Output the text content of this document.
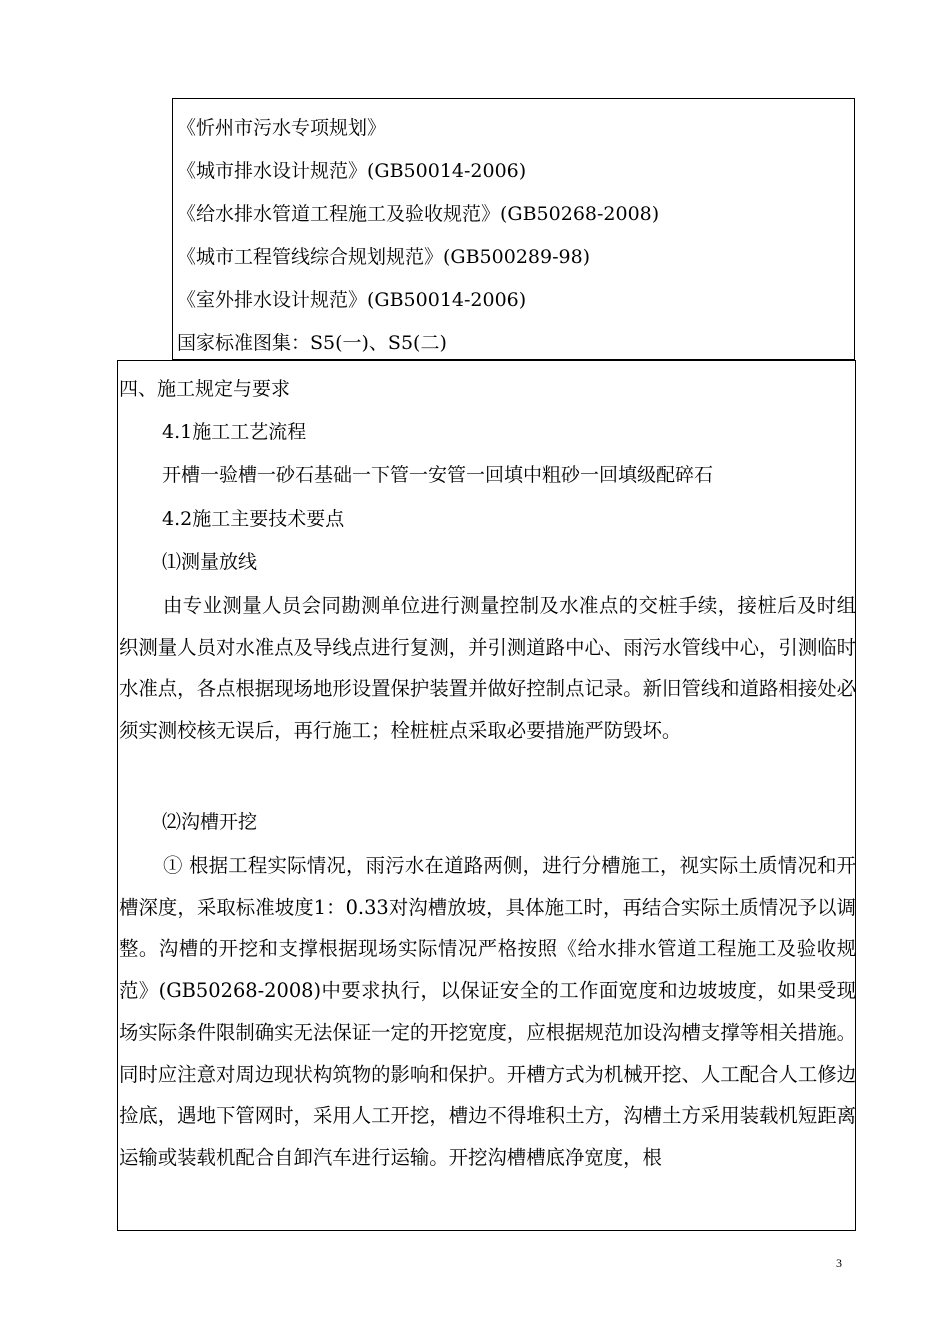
《忻州市污水专项规划》
《城市排水设计规范》(GB50014-2006)
《给水排水管道工程施工及验收规范》(GB50268-2008)
《城市工程管线综合规划规范》(GB500289-98)
《室外排水设计规范》(GB50014-2006)
国家标准图集：S5(一)、S5(二)
四、施工规定与要求
4.1施工工艺流程
开槽一验槽一砂石基础一下管一安管一回填中粗砂一回填级配碎石
4.2施工主要技术要点
⑴测量放线
由专业测量人员会同勘测单位进行测量控制及水准点的交桩手续，接桩后及时组织测量人员对水准点及导线点进行复测，并引测道路中心、雨污水管线中心，引测临时水准点，各点根据现场地形设置保护装置并做好控制点记录。新旧管线和道路相接处必须实测校核无误后，再行施工；栓桩桩点采取必要措施严防毁坏。
⑵沟槽开挖
① 根据工程实际情况，雨污水在道路两侧，进行分槽施工，视实际土质情况和开槽深度，采取标准坡度1：0.33对沟槽放坡，具体施工时，再结合实际土质情况予以调整。沟槽的开挖和支撑根据现场实际情况严格按照《给水排水管道工程施工及验收规范》(GB50268-2008)中要求执行，以保证安全的工作面宽度和边坡坡度，如果受现场实际条件限制确实无法保证一定的开挖宽度，应根据规范加设沟槽支撑等相关措施。同时应注意对周边现状构筑物的影响和保护。开槽方式为机械开挖、人工配合人工修边捡底，遇地下管网时，采用人工开挖，槽边不得堆积土方，沟槽土方采用装载机短距离运输或装载机配合自卸汽车进行运输。开挖沟槽槽底净宽度，根
3
